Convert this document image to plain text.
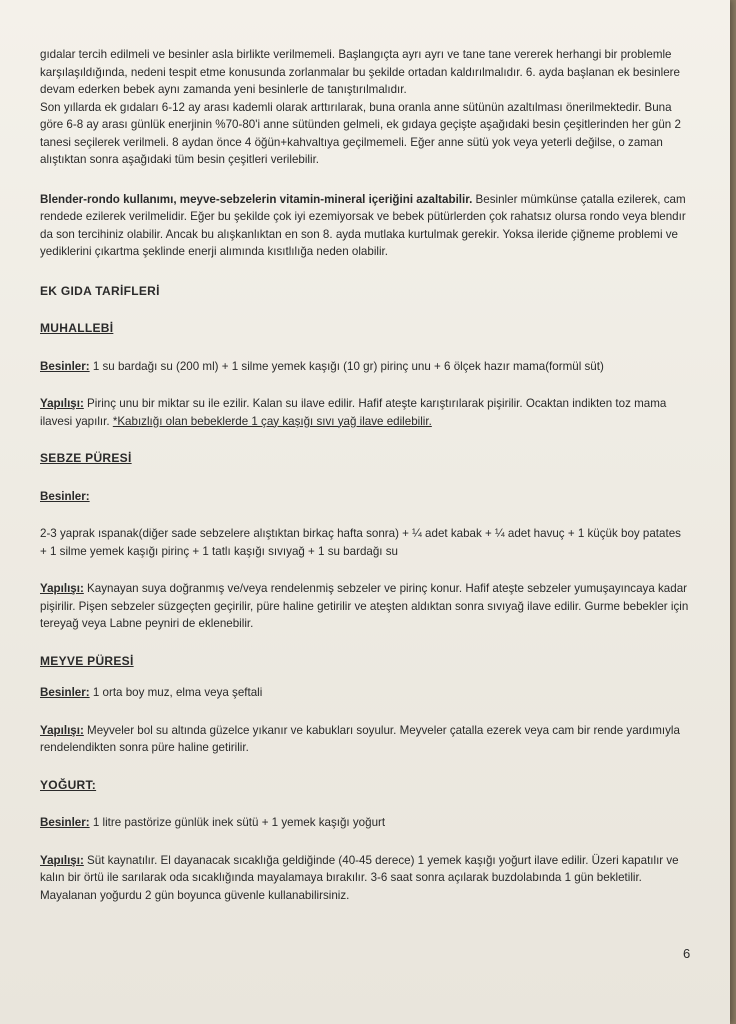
gıdalar tercih edilmeli ve besinler asla birlikte verilmemeli. Başlangıçta ayrı ayrı ve tane tane vererek herhangi bir problemle karşılaşıldığında, nedeni tespit etme konusunda zorlanmalar bu şekilde ortadan kaldırılmalıdır. 6. ayda başlanan ek besinlere devam ederken bebek aynı zamanda yeni besinlerle de tanıştırılmalıdır.

Son yıllarda ek gıdaları 6-12 ay arası kademli olarak arttırılarak, buna oranla anne sütünün azaltılması önerilmektedir. Buna göre 6-8 ay arası günlük enerjinin %70-80'i anne sütünden gelmeli, ek gıdaya geçişte aşağıdaki besin çeşitlerinden her gün 2 tanesi seçilerek verilmeli. 8 aydan önce 4 öğün+kahvaltıya geçilmemeli. Eğer anne sütü yok veya yeterli değilse, o zaman alıştıktan sonra aşağıdaki tüm besin çeşitleri verilebilir.

Blender-rondo kullanımı, meyve-sebzelerin vitamin-mineral içeriğini azaltabilir. Besinler mümkünse çatalla ezilerek, cam rendede ezilerek verilmelidir. Eğer bu şekilde çok iyi ezemiyorsak ve bebek pütürlerden çok rahatsız olursa rondo veya blendır da son tercihiniz olabilir. Ancak bu alışkanlıktan en son 8. ayda mutlaka kurtulmak gerekir. Yoksa ileride çiğneme problemi ve yediklerini çıkartma şeklinde enerji alımında kısıtlılığa neden olabilir.

EK GIDA TARİFLERİ

MUHALLEBİ

Besinler: 1 su bardağı su (200 ml) + 1 silme yemek kaşığı (10 gr) pirinç unu + 6 ölçek hazır mama(formül süt)

Yapılışı: Pirinç unu bir miktar su ile ezilir. Kalan su ilave edilir. Hafif ateşte karıştırılarak pişirilir. Ocaktan indikten toz mama ilavesi yapılır. *Kabızlığı olan bebeklerde 1 çay kaşığı sıvı yağ ilave edilebilir.

SEBZE PÜRESİ

Besinler:

2-3 yaprak ıspanak(diğer sade sebzelere alıştıktan birkaç hafta sonra) + ¼ adet kabak + ¼ adet havuç + 1 küçük boy patates + 1 silme yemek kaşığı pirinç + 1 tatlı kaşığı sıvıyağ + 1 su bardağı su

Yapılışı: Kaynayan suya doğranmış ve/veya rendelenmiş sebzeler ve pirinç konur. Hafif ateşte sebzeler yumuşayıncaya kadar pişirilir. Pişen sebzeler süzgeçten geçirilir, püre haline getirilir ve ateşten aldıktan sonra sıvıyağ ilave edilir. Gurme bebekler için tereyağ veya Labne peyniri de eklenebilir.

MEYVE PÜRESİ

Besinler: 1 orta boy muz, elma veya şeftali

Yapılışı: Meyveler bol su altında güzelce yıkanır ve kabukları soyulur. Meyveler çatalla ezerek veya cam bir rende yardımıyla rendelendikten sonra püre haline getirilir.

YOĞURT:

Besinler: 1 litre pastörize günlük inek sütü + 1 yemek kaşığı yoğurt

Yapılışı: Süt kaynatılır. El dayanacak sıcaklığa geldiğinde (40-45 derece) 1 yemek kaşığı yoğurt ilave edilir. Üzeri kapatılır ve kalın bir örtü ile sarılarak oda sıcaklığında mayalamaya bırakılır. 3-6 saat sonra açılarak buzdolabında 1 gün bekletilir. Mayalanan yoğurdu 2 gün boyunca güvenle kullanabilirsiniz.

6
